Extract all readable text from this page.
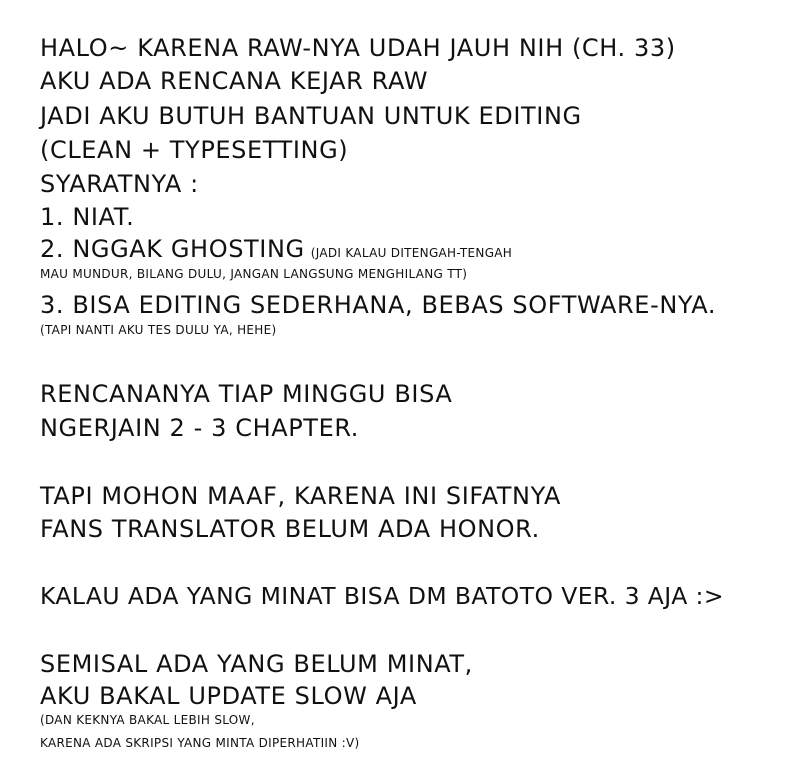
HALO~ KARENA RAW-NYA UDAH JAUH NIH (CH. 33)
AKU ADA RENCANA KEJAR RAW
JADI AKU BUTUH BANTUAN UNTUK EDITING
(CLEAN + TYPESETTING)
SYARATNYA :
1. NIAT.
2. NGGAK GHOSTING (JADI KALAU DITENGAH-TENGAH
MAU MUNDUR, BILANG DULU, JANGAN LANGSUNG MENGHILANG TT)
3. BISA EDITING SEDERHANA, BEBAS SOFTWARE-NYA.
(TAPI NANTI AKU TES DULU YA, HEHE)
RENCANANYA TIAP MINGGU BISA
NGERJAIN 2 - 3 CHAPTER.
TAPI MOHON MAAF, KARENA INI SIFATNYA
FANS TRANSLATOR BELUM ADA HONOR.
KALAU ADA YANG MINAT BISA DM BATOTO VER. 3 AJA :>
SEMISAL ADA YANG BELUM MINAT,
AKU BAKAL UPDATE SLOW AJA
(DAN KEKNYA BAKAL LEBIH SLOW,
KARENA ADA SKRIPSI YANG MINTA DIPERHATIIN :V)
